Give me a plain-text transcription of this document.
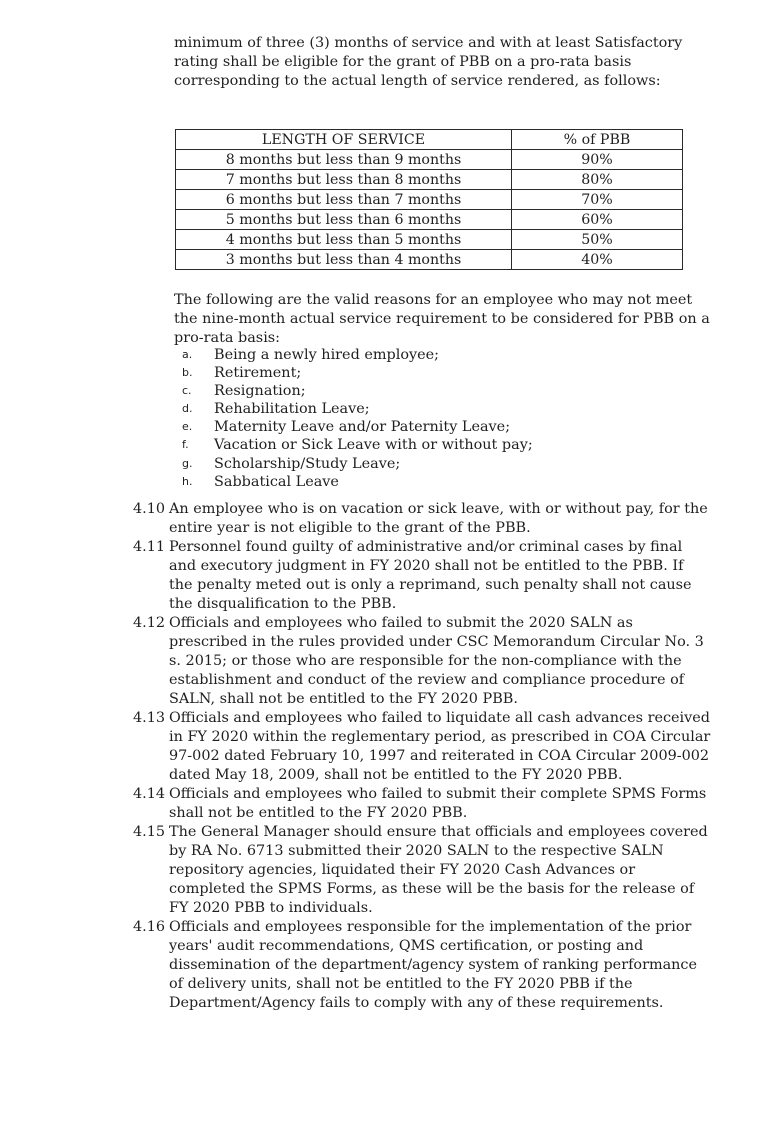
minimum of three (3) months of service and with at least Satisfactory rating shall be eligible for the grant of PBB on a pro-rata basis corresponding to the actual length of service rendered, as follows:

LENGTH OF SERVICE	% of PBB
8 months but less than 9 months	90%
7 months but less than 8 months	80%
6 months but less than 7 months	70%
5 months but less than 6 months	60%
4 months but less than 5 months	50%
3 months but less than 4 months	40%

The following are the valid reasons for an employee who may not meet the nine-month actual service requirement to be considered for PBB on a pro-rata basis:

a. Being a newly hired employee;
b. Retirement;
c. Resignation;
d. Rehabilitation Leave;
e. Maternity Leave and/or Paternity Leave;
f. Vacation or Sick Leave with or without pay;
g. Scholarship/Study Leave;
h. Sabbatical Leave
4.10 An employee who is on vacation or sick leave, with or without pay, for the entire year is not eligible to the grant of the PBB.
4.11 Personnel found guilty of administrative and/or criminal cases by final and executory judgment in FY 2020 shall not be entitled to the PBB. If the penalty meted out is only a reprimand, such penalty shall not cause the disqualification to the PBB.
4.12 Officials and employees who failed to submit the 2020 SALN as prescribed in the rules provided under CSC Memorandum Circular No. 3 s. 2015; or those who are responsible for the non-compliance with the establishment and conduct of the review and compliance procedure of SALN, shall not be entitled to the FY 2020 PBB.
4.13 Officials and employees who failed to liquidate all cash advances received in FY 2020 within the reglementary period, as prescribed in COA Circular 97-002 dated February 10, 1997 and reiterated in COA Circular 2009-002 dated May 18, 2009, shall not be entitled to the FY 2020 PBB.
4.14 Officials and employees who failed to submit their complete SPMS Forms shall not be entitled to the FY 2020 PBB.
4.15 The General Manager should ensure that officials and employees covered by RA No. 6713 submitted their 2020 SALN to the respective SALN repository agencies, liquidated their FY 2020 Cash Advances or completed the SPMS Forms, as these will be the basis for the release of FY 2020 PBB to individuals.
4.16 Officials and employees responsible for the implementation of the prior years' audit recommendations, QMS certification, or posting and dissemination of the department/agency system of ranking performance of delivery units, shall not be entitled to the FY 2020 PBB if the Department/Agency fails to comply with any of these requirements.
